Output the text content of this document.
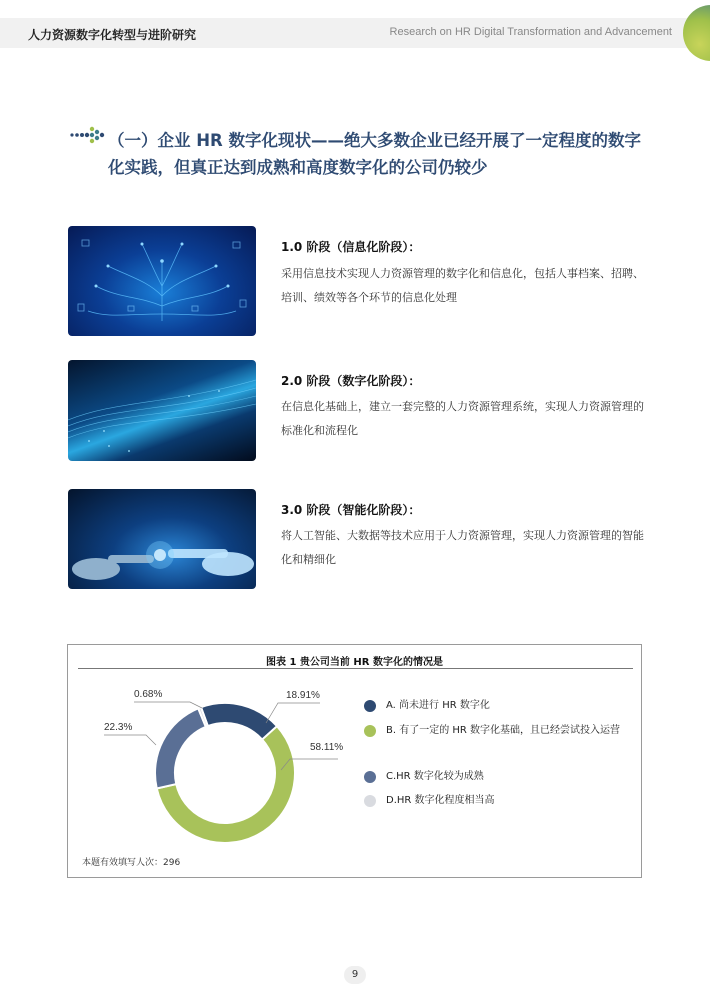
人力资源数字化转型与进阶研究	Research on HR Digital Transformation and Advancement
（一）企业 HR 数字化现状——绝大多数企业已经开展了一定程度的数字化实践，但真正达到成熟和高度数字化的公司仍较少
1.0 阶段（信息化阶段）：
采用信息技术实现人力资源管理的数字化和信息化，包括人事档案、招聘、培训、绩效等各个环节的信息化处理
2.0 阶段（数字化阶段）：
在信息化基础上，建立一套完整的人力资源管理系统，实现人力资源管理的标准化和流程化
3.0 阶段（智能化阶段）：
将人工智能、大数据等技术应用于人力资源管理，实现人力资源管理的智能化和精细化
图表 1 贵公司当前 HR 数字化的情况是
18.91%
58.11%
22.3%
0.68%
A. 尚未进行 HR 数字化
B. 有了一定的 HR 数字化基础，且已经尝试投入运营
C.HR 数字化较为成熟
D.HR 数字化程度相当高
本题有效填写人次：296
9
